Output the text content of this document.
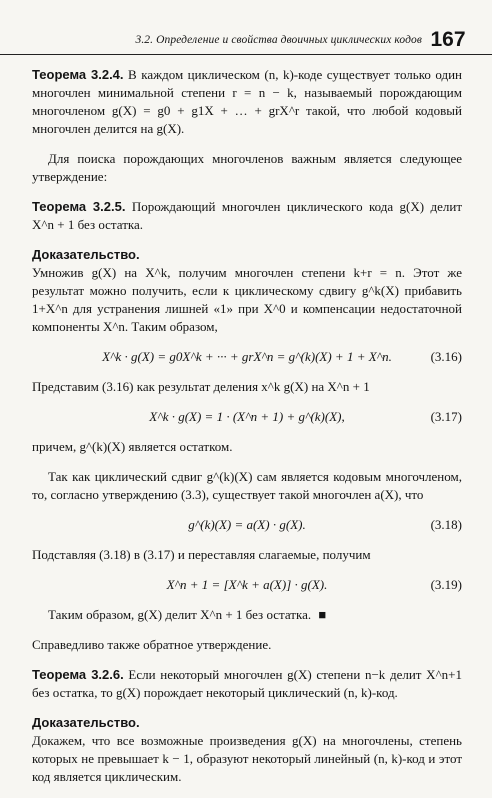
3.2. Определение и свойства двоичных циклических кодов 167

Теорема 3.2.4. В каждом циклическом (n, k)-коде существует только один многочлен минимальной степени r = n − k, называемый порождающим многочленом g(X) = g0 + g1X + … + grX^r такой, что любой кодовый многочлен делится на g(X).

Для поиска порождающих многочленов важным является следующее утверждение:

Теорема 3.2.5. Порождающий многочлен циклического кода g(X) делит X^n + 1 без остатка.

Доказательство.
Умножив g(X) на X^k, получим многочлен степени k+r = n. Этот же результат можно получить, если к циклическому сдвигу g^k(X) прибавить 1+X^n для устранения лишней «1» при X^0 и компенсации недостаточной компоненты X^n. Таким образом,

X^k · g(X) = g0X^k + ··· + grX^n = g^(k)(X) + 1 + X^n.	(3.16)

Представим (3.16) как результат деления x^k g(X) на X^n + 1

X^k · g(X) = 1 · (X^n + 1) + g^(k)(X),	(3.17)

причем, g^(k)(X) является остатком.

Так как циклический сдвиг g^(k)(X) сам является кодовым многочленом, то, согласно утверждению (3.3), существует такой многочлен a(X), что

g^(k)(X) = a(X) · g(X).	(3.18)

Подставляя (3.18) в (3.17) и переставляя слагаемые, получим

X^n + 1 = [X^k + a(X)] · g(X).	(3.19)

Таким образом, g(X) делит X^n + 1 без остатка. ■

Справедливо также обратное утверждение.

Теорема 3.2.6. Если некоторый многочлен g(X) степени n−k делит X^n+1 без остатка, то g(X) порождает некоторый циклический (n, k)-код.

Доказательство.
Докажем, что все возможные произведения g(X) на многочлены, степень которых не превышает k − 1, образуют некоторый линейный (n, k)-код и этот код является циклическим.
